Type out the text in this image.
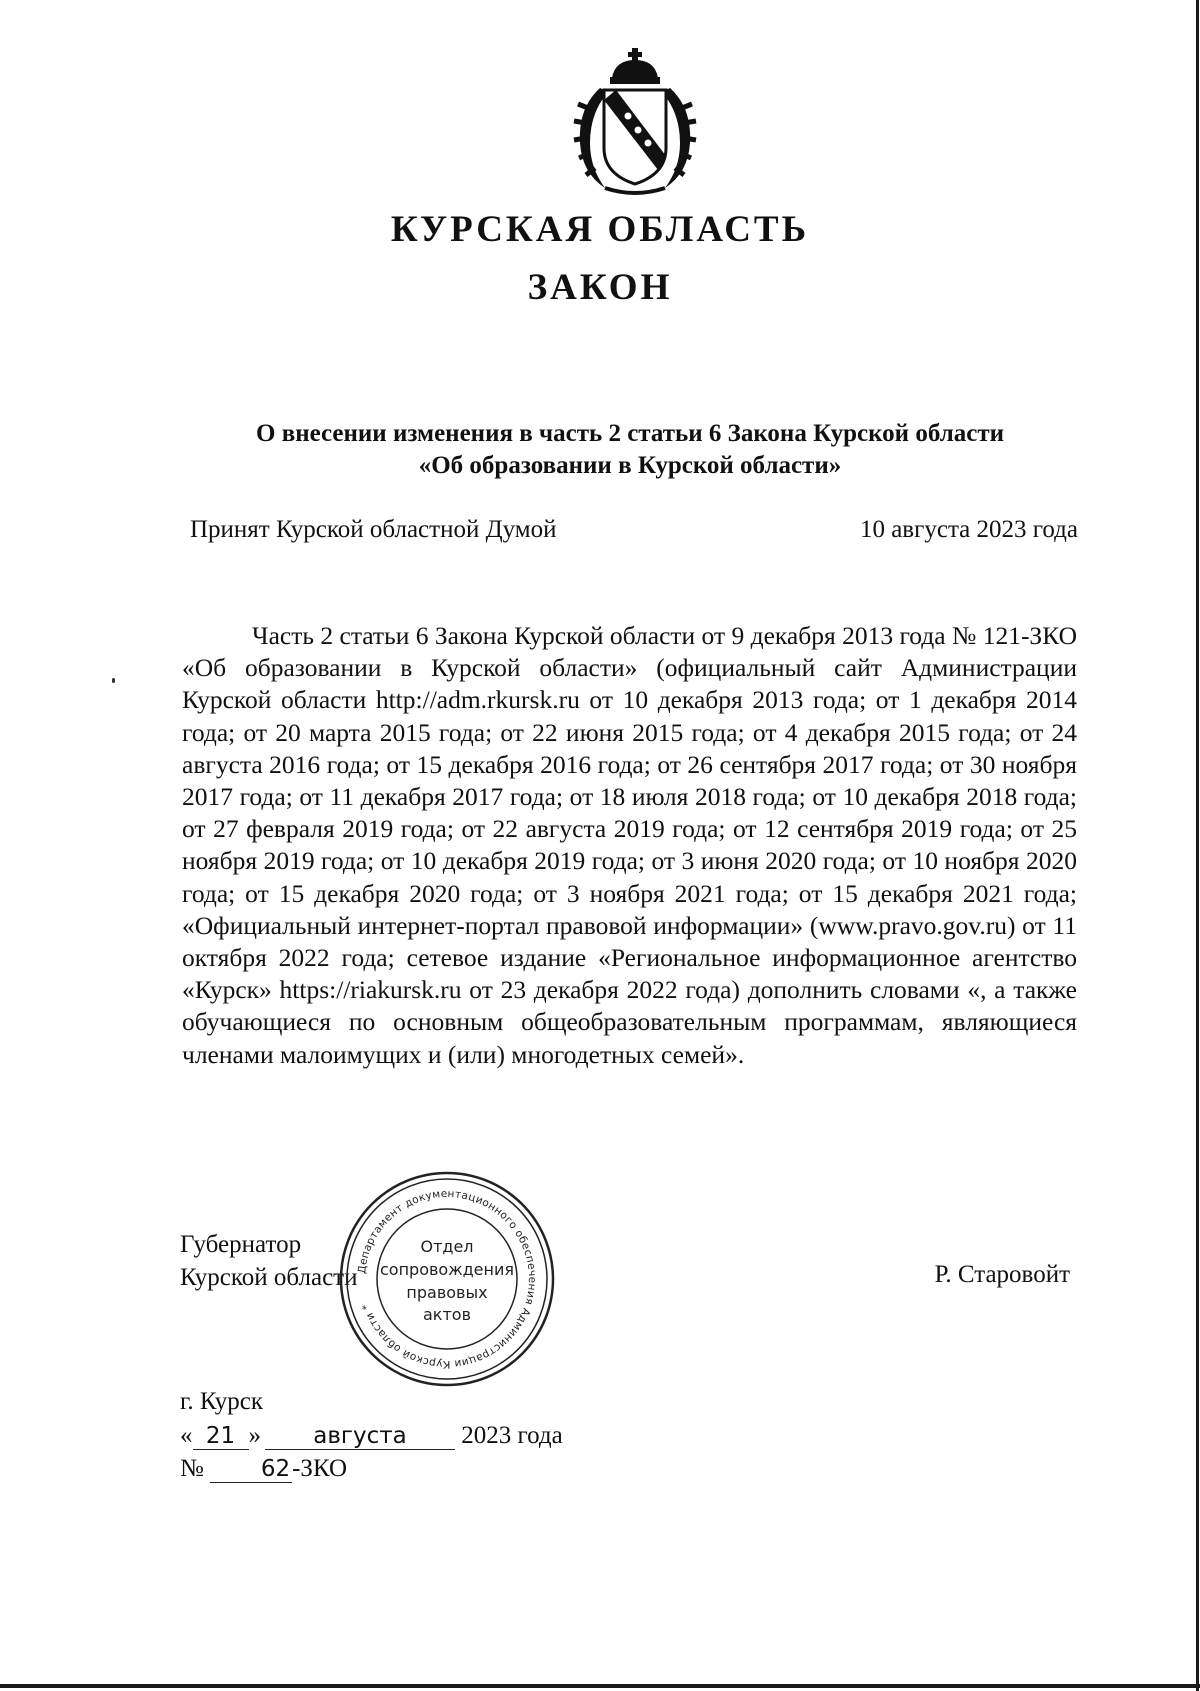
КУРСКАЯ ОБЛАСТЬ
ЗАКОН
О внесении изменения в часть 2 статьи 6 Закона Курской области
«Об образовании в Курской области»
Принят Курской областной Думой	10 августа 2023 года
Часть 2 статьи 6 Закона Курской области от 9 декабря 2013 года № 121-ЗКО «Об образовании в Курской области» (официальный сайт Администрации Курской области http://adm.rkursk.ru от 10 декабря 2013 года; от 1 декабря 2014 года; от 20 марта 2015 года; от 22 июня 2015 года; от 4 декабря 2015 года; от 24 августа 2016 года; от 15 декабря 2016 года; от 26 сентября 2017 года; от 30 ноября 2017 года; от 11 декабря 2017 года; от 18 июля 2018 года; от 10 декабря 2018 года; от 27 февраля 2019 года; от 22 августа 2019 года; от 12 сентября 2019 года; от 25 ноября 2019 года; от 10 декабря 2019 года; от 3 июня 2020 года; от 10 ноября 2020 года; от 15 декабря 2020 года; от 3 ноября 2021 года; от 15 декабря 2021 года; «Официальный интернет-портал правовой информации» (www.pravo.gov.ru) от 11 октября 2022 года; сетевое издание «Региональное информационное агентство «Курск» https://riakursk.ru от 23 декабря 2022 года) дополнить словами «, а также обучающиеся по основным общеобразовательным программам, являющиеся членами малоимущих и (или) многодетных семей».
Губернатор
Курской области	Р. Старовойт
Департамент документационного обеспечения Администрации Курской области *
Отдел
сопровождения
правовых
актов
г. Курск
« 21 » августа 2023 года
№ 62-ЗКО
